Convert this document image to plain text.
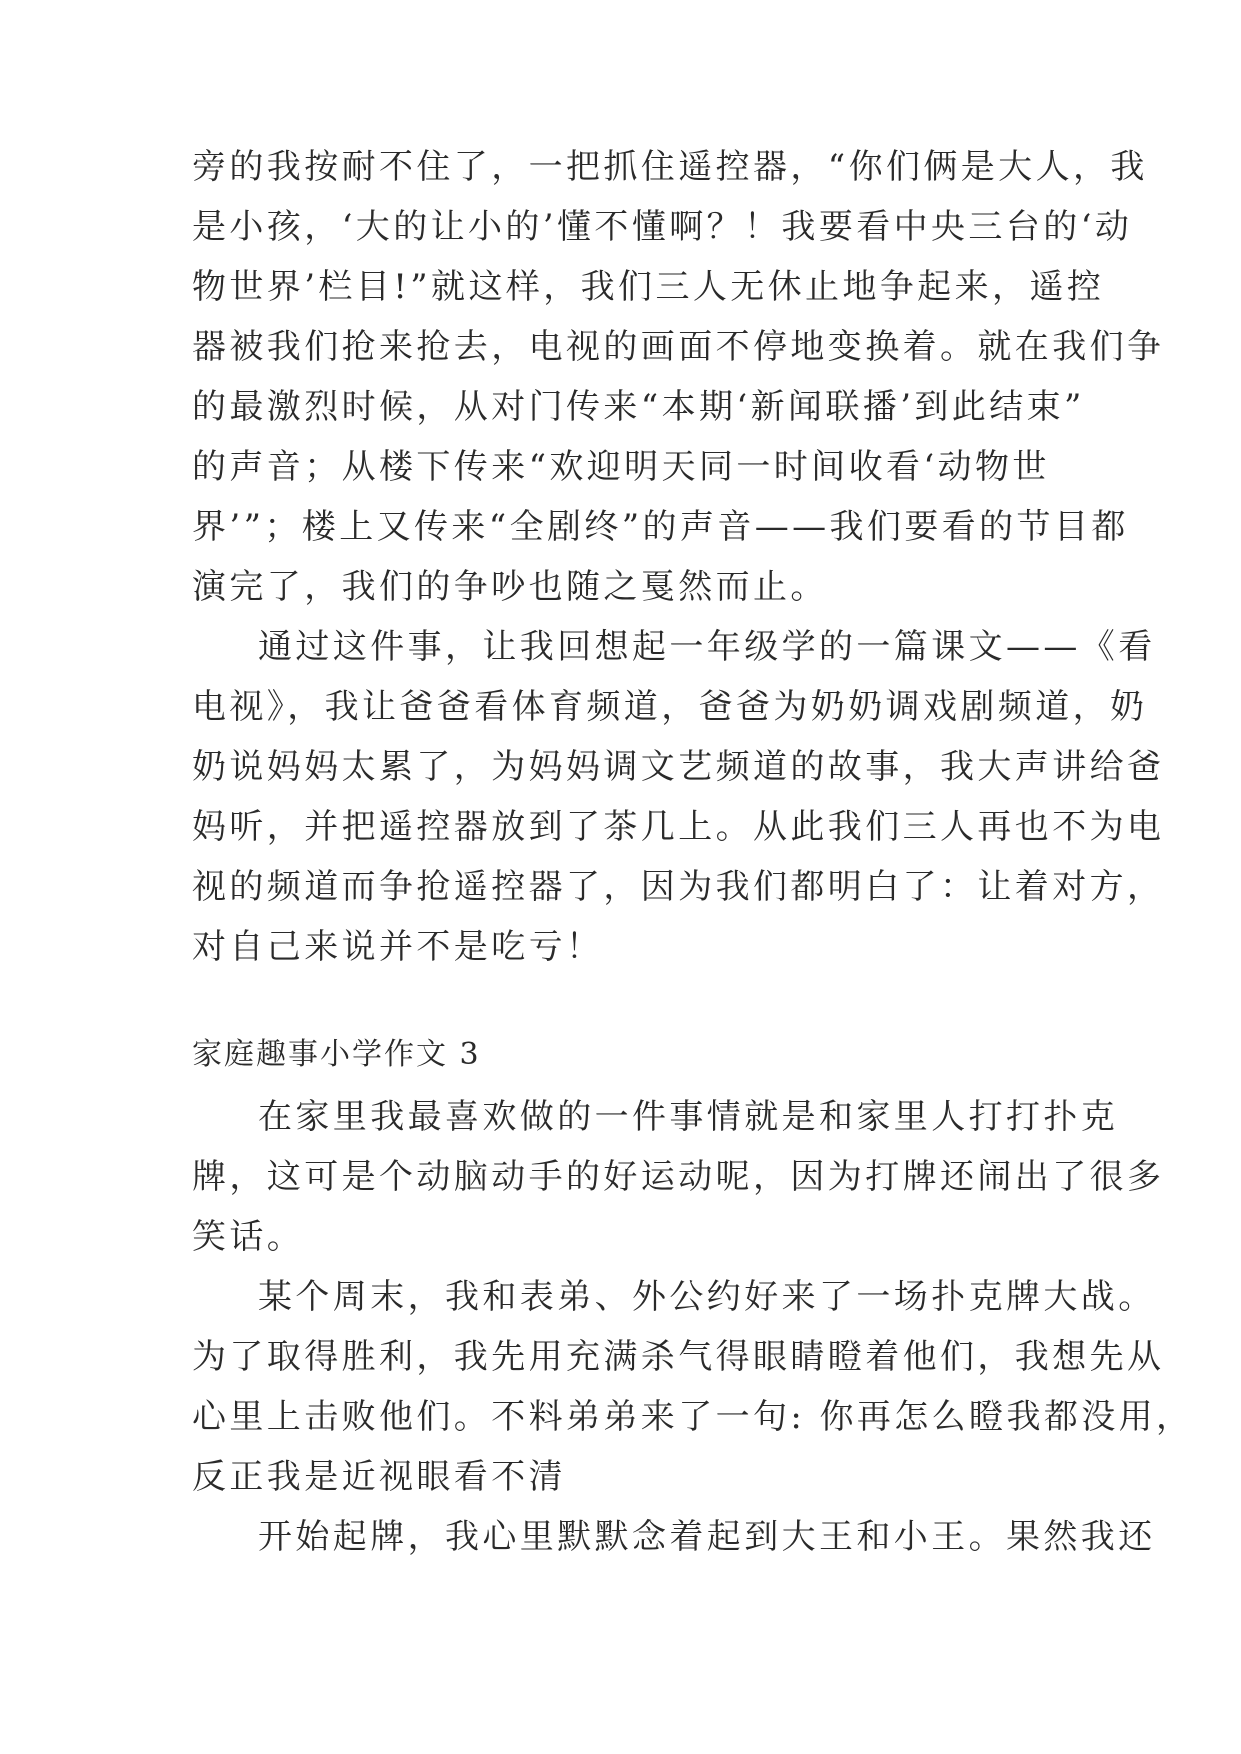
旁的我按耐不住了，一把抓住遥控器，“你们俩是大人，我
是小孩，‘大的让小的’懂不懂啊？！我要看中央三台的‘动
物世界’栏目!”就这样，我们三人无休止地争起来，遥控
器被我们抢来抢去，电视的画面不停地变换着。就在我们争
的最激烈时候，从对门传来“本期‘新闻联播’到此结束”
的声音；从楼下传来“欢迎明天同一时间收看‘动物世
界’”；楼上又传来“全剧终”的声音——我们要看的节目都
演完了，我们的争吵也随之戛然而止。
通过这件事，让我回想起一年级学的一篇课文——《看
电视》，我让爸爸看体育频道，爸爸为奶奶调戏剧频道，奶
奶说妈妈太累了，为妈妈调文艺频道的故事，我大声讲给爸
妈听，并把遥控器放到了茶几上。从此我们三人再也不为电
视的频道而争抢遥控器了，因为我们都明白了：让着对方，
对自己来说并不是吃亏！
家庭趣事小学作文 3
在家里我最喜欢做的一件事情就是和家里人打打扑克
牌，这可是个动脑动手的好运动呢，因为打牌还闹出了很多
笑话。
某个周末，我和表弟、外公约好来了一场扑克牌大战。
为了取得胜利，我先用充满杀气得眼睛瞪着他们，我想先从
心里上击败他们。不料弟弟来了一句: 你再怎么瞪我都没用，
反正我是近视眼看不清
开始起牌，我心里默默念着起到大王和小王。果然我还
